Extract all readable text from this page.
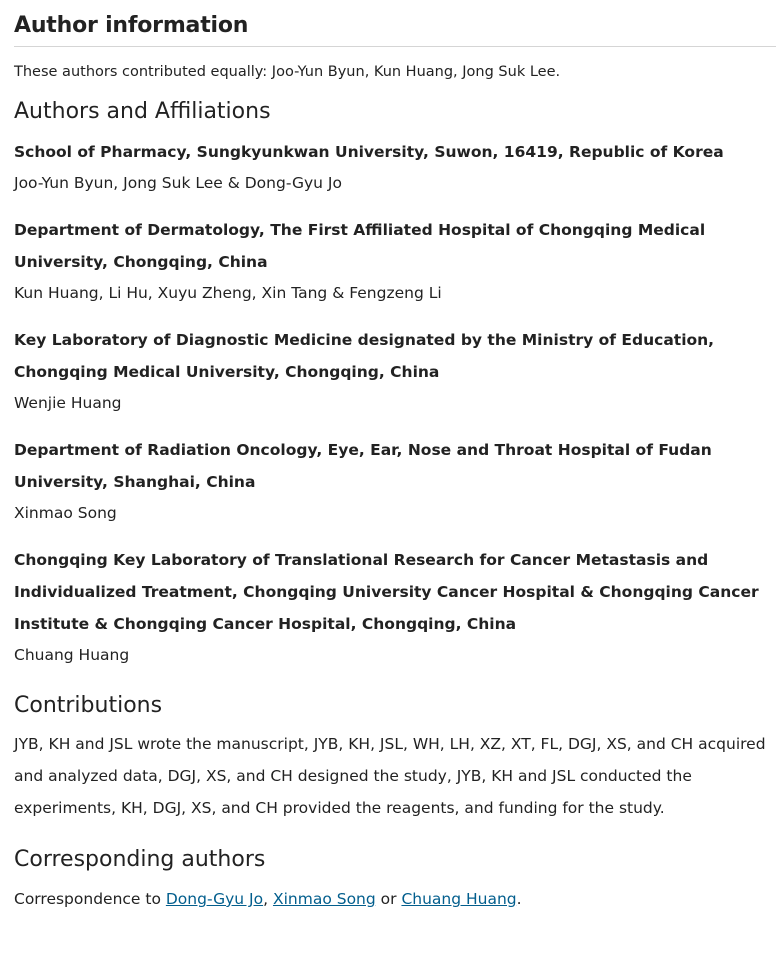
Author information

These authors contributed equally: Joo-Yun Byun, Kun Huang, Jong Suk Lee.

Authors and Affiliations

School of Pharmacy, Sungkyunkwan University, Suwon, 16419, Republic of Korea

Joo-Yun Byun, Jong Suk Lee & Dong-Gyu Jo

Department of Dermatology, The First Affiliated Hospital of Chongqing Medical University, Chongqing, China

Kun Huang, Li Hu, Xuyu Zheng, Xin Tang & Fengzeng Li

Key Laboratory of Diagnostic Medicine designated by the Ministry of Education, Chongqing Medical University, Chongqing, China

Wenjie Huang

Department of Radiation Oncology, Eye, Ear, Nose and Throat Hospital of Fudan University, Shanghai, China

Xinmao Song

Chongqing Key Laboratory of Translational Research for Cancer Metastasis and Individualized Treatment, Chongqing University Cancer Hospital & Chongqing Cancer Institute & Chongqing Cancer Hospital, Chongqing, China

Chuang Huang

Contributions

JYB, KH and JSL wrote the manuscript, JYB, KH, JSL, WH, LH, XZ, XT, FL, DGJ, XS, and CH acquired and analyzed data, DGJ, XS, and CH designed the study, JYB, KH and JSL conducted the experiments, KH, DGJ, XS, and CH provided the reagents, and funding for the study.

Corresponding authors

Correspondence to Dong-Gyu Jo, Xinmao Song or Chuang Huang.
